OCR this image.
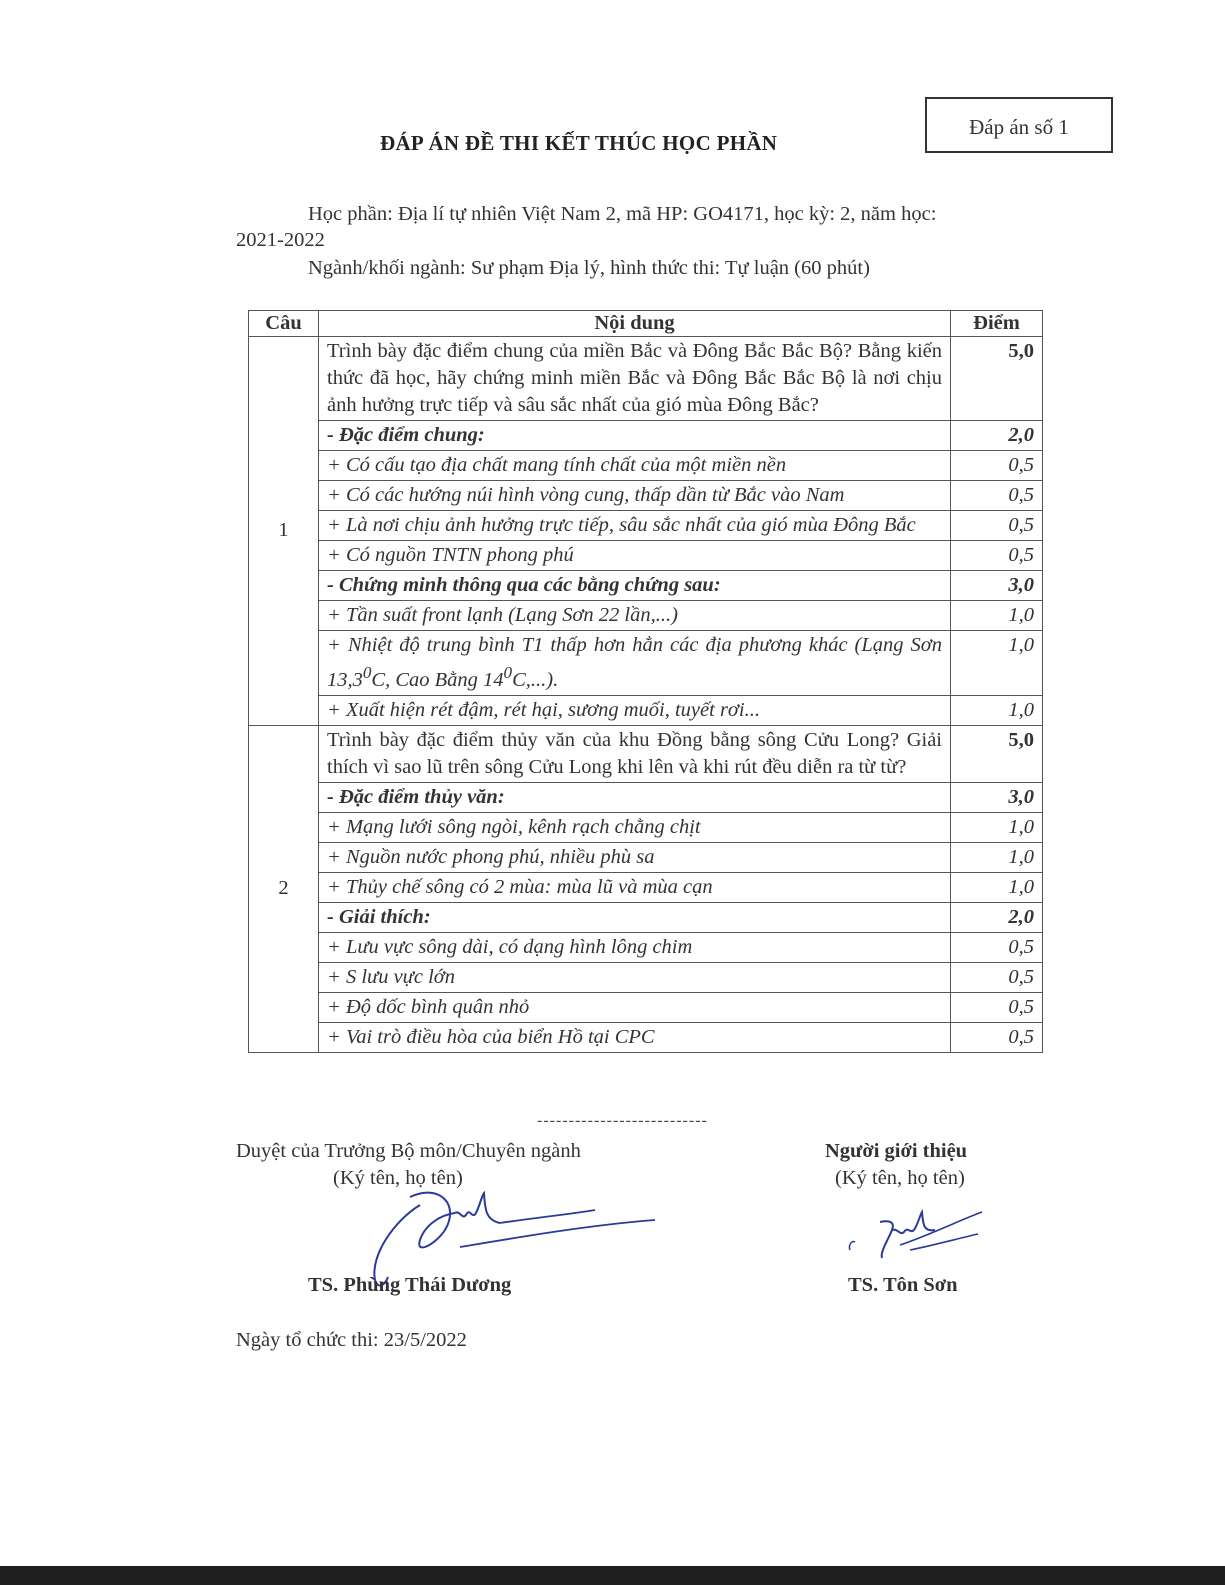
Đáp án số 1
ĐÁP ÁN ĐỀ THI KẾT THÚC HỌC PHẦN
Học phần: Địa lí tự nhiên Việt Nam 2, mã HP: GO4171, học kỳ: 2, năm học:
2021-2022
Ngành/khối ngành: Sư phạm Địa lý, hình thức thi: Tự luận (60 phút)
Câu	Nội dung	Điểm
1	Trình bày đặc điểm chung của miền Bắc và Đông Bắc Bắc Bộ? Bằng kiến thức đã học, hãy chứng minh miền Bắc và Đông Bắc Bắc Bộ là nơi chịu ảnh hưởng trực tiếp và sâu sắc nhất của gió mùa Đông Bắc?	5,0
	- Đặc điểm chung:	2,0
	+ Có cấu tạo địa chất mang tính chất của một miền nền	0,5
	+ Có các hướng núi hình vòng cung, thấp dần từ Bắc vào Nam	0,5
	+ Là nơi chịu ảnh hưởng trực tiếp, sâu sắc nhất của gió mùa Đông Bắc	0,5
	+ Có nguồn TNTN phong phú	0,5
	- Chứng minh thông qua các bằng chứng sau:	3,0
	+ Tần suất front lạnh (Lạng Sơn 22 lần,...)	1,0
	+ Nhiệt độ trung bình T1 thấp hơn hẳn các địa phương khác (Lạng Sơn 13,3$^0$C, Cao Bằng $14^0C$,...).	1,0
	+ Xuất hiện rét đậm, rét hại, sương muối, tuyết rơi...	1,0
2	Trình bày đặc điểm thủy văn của khu Đồng bằng sông Cửu Long? Giải thích vì sao lũ trên sông Cửu Long khi lên và khi rút đều diễn ra từ từ?	5,0
	- Đặc điểm thủy văn:	3,0
	+ Mạng lưới sông ngòi, kênh rạch chằng chịt	1,0
	+ Nguồn nước phong phú, nhiều phù sa	1,0
	+ Thủy chế sông có 2 mùa: mùa lũ và mùa cạn	1,0
	- Giải thích:	2,0
	+ Lưu vực sông dài, có dạng hình lông chim	0,5
	+ S lưu vực lớn	0,5
	+ Độ dốc bình quân nhỏ	0,5
	+ Vai trò điều hòa của biển Hồ tại CPC	0,5
---------------------------
Duyệt của Trưởng Bộ môn/Chuyên ngành
(Ký tên, họ tên)
Người giới thiệu
(Ký tên, họ tên)
TS. Phùng Thái Dương	TS. Tôn Sơn
Ngày tổ chức thi: 23/5/2022
